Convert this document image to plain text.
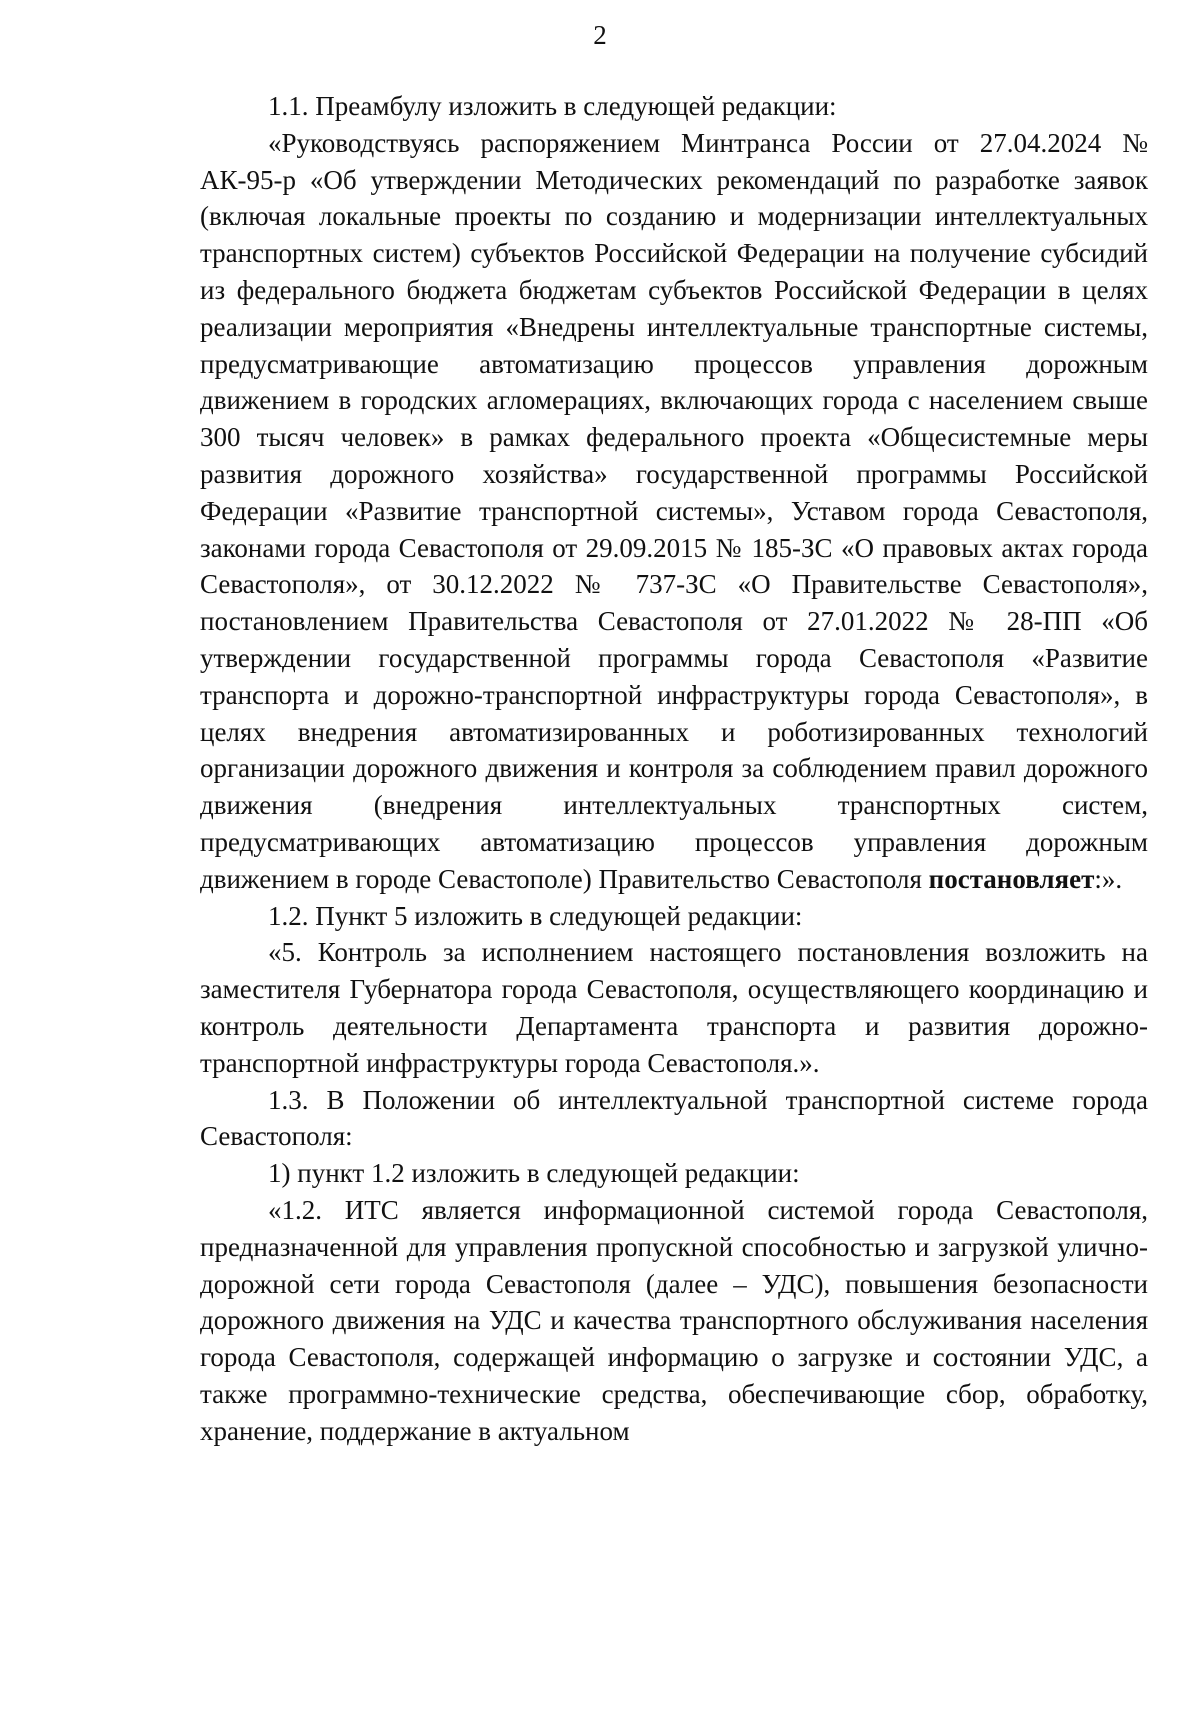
2

1.1. Преамбулу изложить в следующей редакции:

«Руководствуясь распоряжением Минтранса России от 27.04.2024 № АК-95-р «Об утверждении Методических рекомендаций по разработке заявок (включая локальные проекты по созданию и модернизации интеллектуальных транспортных систем) субъектов Российской Федерации на получение субсидий из федерального бюджета бюджетам субъектов Российской Федерации в целях реализации мероприятия «Внедрены интеллектуальные транспортные системы, предусматривающие автоматизацию процессов управления дорожным движением в городских агломерациях, включающих города с населением свыше 300 тысяч человек» в рамках федерального проекта «Общесистемные меры развития дорожного хозяйства» государственной программы Российской Федерации «Развитие транспортной системы», Уставом города Севастополя, законами города Севастополя от 29.09.2015 № 185-ЗС «О правовых актах города Севастополя», от 30.12.2022 № 737-ЗС «О Правительстве Севастополя», постановлением Правительства Севастополя от 27.01.2022 № 28-ПП «Об утверждении государственной программы города Севастополя «Развитие транспорта и дорожно-транспортной инфраструктуры города Севастополя», в целях внедрения автоматизированных и роботизированных технологий организации дорожного движения и контроля за соблюдением правил дорожного движения (внедрения интеллектуальных транспортных систем, предусматривающих автоматизацию процессов управления дорожным движением в городе Севастополе) Правительство Севастополя постановляет:».

1.2. Пункт 5 изложить в следующей редакции:

«5. Контроль за исполнением настоящего постановления возложить на заместителя Губернатора города Севастополя, осуществляющего координацию и контроль деятельности Департамента транспорта и развития дорожно-транспортной инфраструктуры города Севастополя.».

1.3. В Положении об интеллектуальной транспортной системе города Севастополя:

1) пункт 1.2 изложить в следующей редакции:

«1.2. ИТС является информационной системой города Севастополя, предназначенной для управления пропускной способностью и загрузкой улично-дорожной сети города Севастополя (далее – УДС), повышения безопасности дорожного движения на УДС и качества транспортного обслуживания населения города Севастополя, содержащей информацию о загрузке и состоянии УДС, а также программно-технические средства, обеспечивающие сбор, обработку, хранение, поддержание в актуальном
